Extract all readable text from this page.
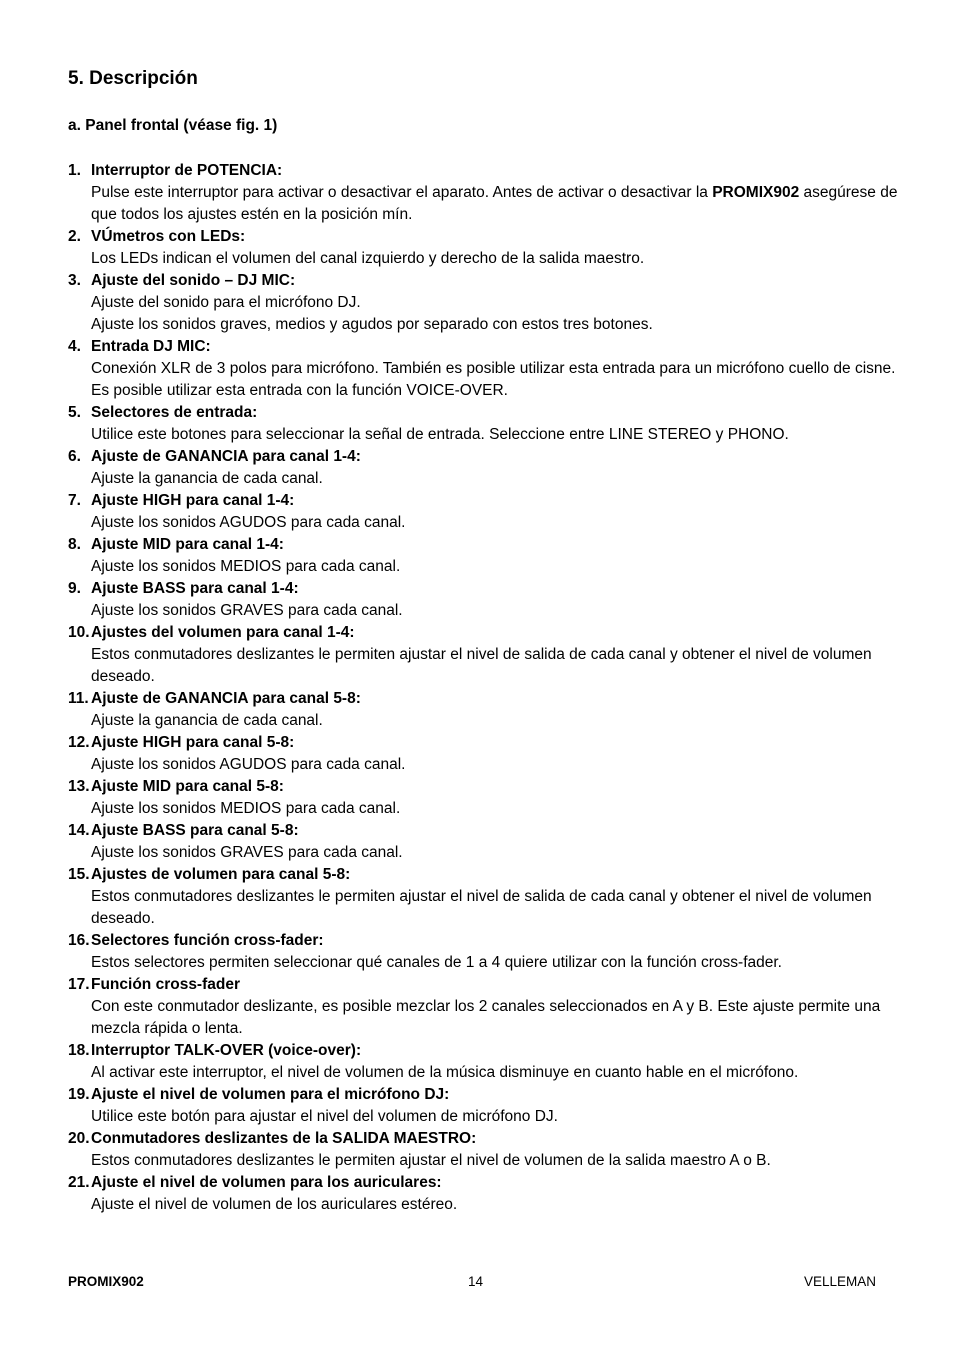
5. Descripción
a. Panel frontal (véase fig. 1)
1. Interruptor de POTENCIA:
Pulse este interruptor para activar o desactivar el aparato. Antes de activar o desactivar la PROMIX902 asegúrese de que todos los ajustes estén en la posición mín.
2. VÚmetros con LEDs:
Los LEDs indican el volumen del canal izquierdo y derecho de la salida maestro.
3. Ajuste del sonido – DJ MIC:
Ajuste del sonido para el micrófono DJ.
Ajuste los sonidos graves, medios y agudos por separado con estos tres botones.
4. Entrada DJ MIC:
Conexión XLR de 3 polos para micrófono. También es posible utilizar esta entrada para un micrófono cuello de cisne.
Es posible utilizar esta entrada con la función VOICE-OVER.
5. Selectores de entrada:
Utilice este botones para seleccionar la señal de entrada. Seleccione entre LINE STEREO y PHONO.
6. Ajuste de GANANCIA para canal 1-4:
Ajuste la ganancia de cada canal.
7. Ajuste HIGH para canal 1-4:
Ajuste los sonidos AGUDOS para cada canal.
8. Ajuste MID para canal 1-4:
Ajuste los sonidos MEDIOS para cada canal.
9. Ajuste BASS para canal 1-4:
Ajuste los sonidos GRAVES para cada canal.
10. Ajustes del volumen para canal 1-4:
Estos conmutadores deslizantes le permiten ajustar el nivel de salida de cada canal y obtener el nivel de volumen deseado.
11. Ajuste de GANANCIA para canal 5-8:
Ajuste la ganancia de cada canal.
12. Ajuste HIGH para canal 5-8:
Ajuste los sonidos AGUDOS para cada canal.
13. Ajuste MID para canal 5-8:
Ajuste los sonidos MEDIOS para cada canal.
14. Ajuste BASS para canal 5-8:
Ajuste los sonidos GRAVES para cada canal.
15. Ajustes de volumen para canal 5-8:
Estos conmutadores deslizantes le permiten ajustar el nivel de salida de cada canal y obtener el nivel de volumen deseado.
16. Selectores función cross-fader:
Estos selectores permiten seleccionar qué canales de 1 a 4 quiere utilizar con la función cross-fader.
17. Función cross-fader
Con este conmutador deslizante, es posible mezclar los 2 canales seleccionados en A y B. Este ajuste permite una mezcla rápida o lenta.
18. Interruptor TALK-OVER (voice-over):
Al activar este interruptor, el nivel de volumen de la música disminuye en cuanto hable en el micrófono.
19. Ajuste el nivel de volumen para el micrófono DJ:
Utilice este botón para ajustar el nivel del volumen de micrófono DJ.
20. Conmutadores deslizantes de la SALIDA MAESTRO:
Estos conmutadores deslizantes le permiten ajustar el nivel de volumen de la salida maestro A o B.
21. Ajuste el nivel de volumen para los auriculares:
Ajuste el nivel de volumen de los auriculares estéreo.
PROMIX902	14	VELLEMAN
